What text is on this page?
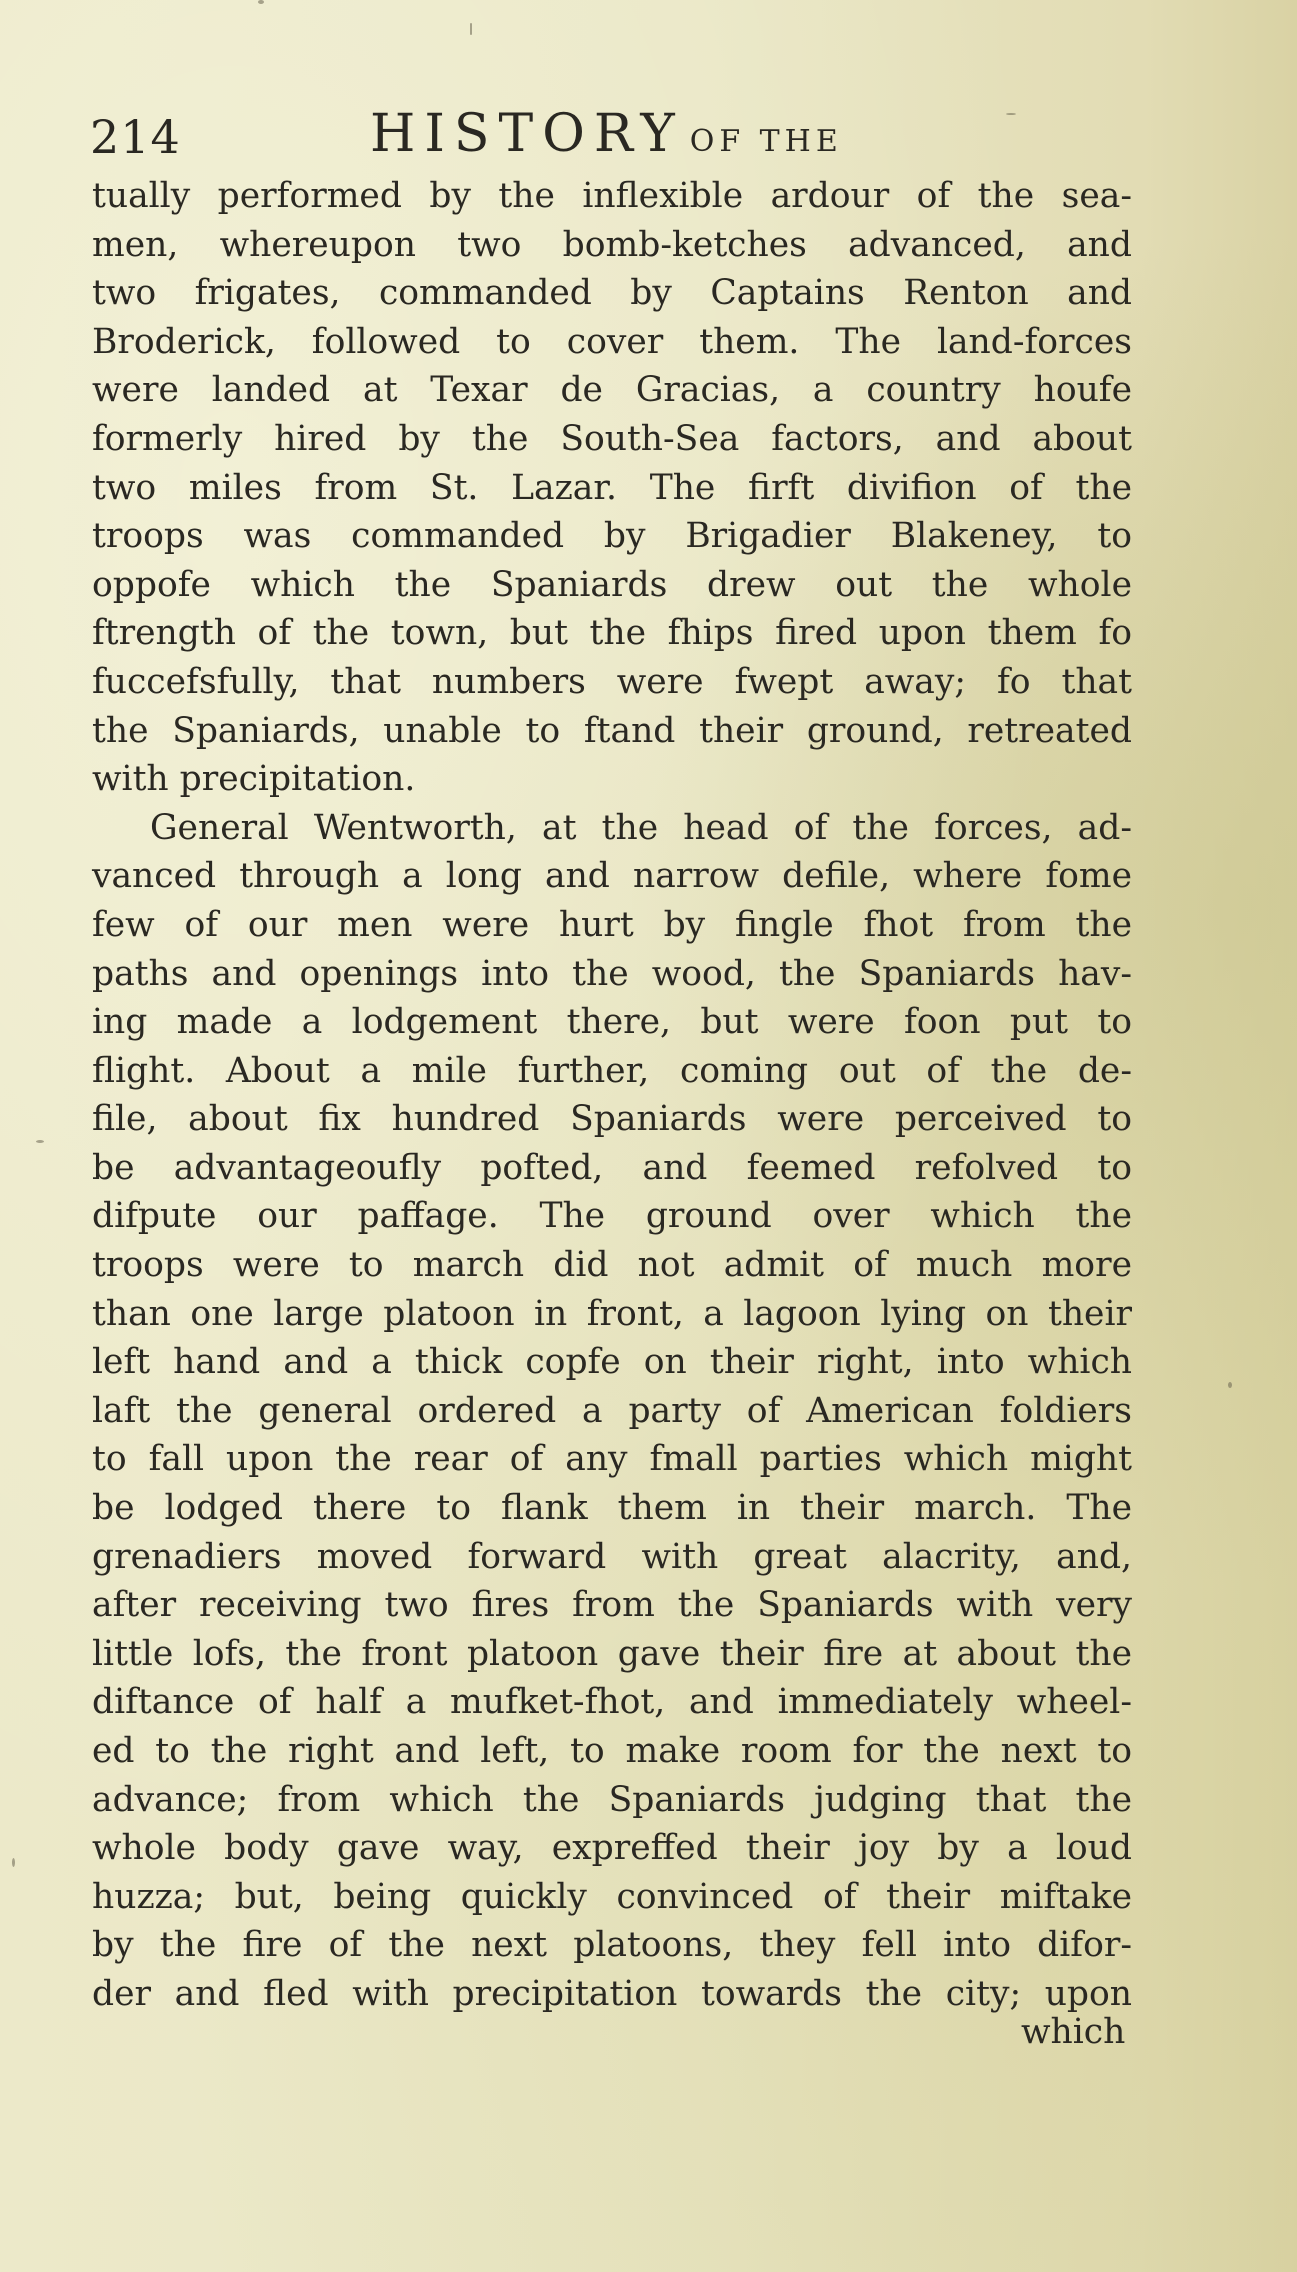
214	HISTORY OF THE
tually performed by the inflexible ardour of the sea-
men, whereupon two bomb-ketches advanced, and
two frigates, commanded by Captains Renton and
Broderick, followed to cover them. The land-forces
were landed at Texar de Gracias, a country houfe
formerly hired by the South-Sea factors, and about
two miles from St. Lazar. The firft divifion of the
troops was commanded by Brigadier Blakeney, to
oppofe which the Spaniards drew out the whole
ftrength of the town, but the fhips fired upon them fo
fuccefsfully, that numbers were fwept away; fo that
the Spaniards, unable to ftand their ground, retreated
with precipitation.
General Wentworth, at the head of the forces, ad-
vanced through a long and narrow defile, where fome
few of our men were hurt by fingle fhot from the
paths and openings into the wood, the Spaniards hav-
ing made a lodgement there, but were foon put to
flight. About a mile further, coming out of the de-
file, about fix hundred Spaniards were perceived to
be advantageoufly pofted, and feemed refolved to
difpute our paffage. The ground over which the
troops were to march did not admit of much more
than one large platoon in front, a lagoon lying on their
left hand and a thick copfe on their right, into which
laft the general ordered a party of American foldiers
to fall upon the rear of any fmall parties which might
be lodged there to flank them in their march. The
grenadiers moved forward with great alacrity, and,
after receiving two fires from the Spaniards with very
little lofs, the front platoon gave their fire at about the
diftance of half a mufket-fhot, and immediately wheel-
ed to the right and left, to make room for the next to
advance; from which the Spaniards judging that the
whole body gave way, expreffed their joy by a loud
huzza; but, being quickly convinced of their miftake
by the fire of the next platoons, they fell into difor-
der and fled with precipitation towards the city; upon
which
